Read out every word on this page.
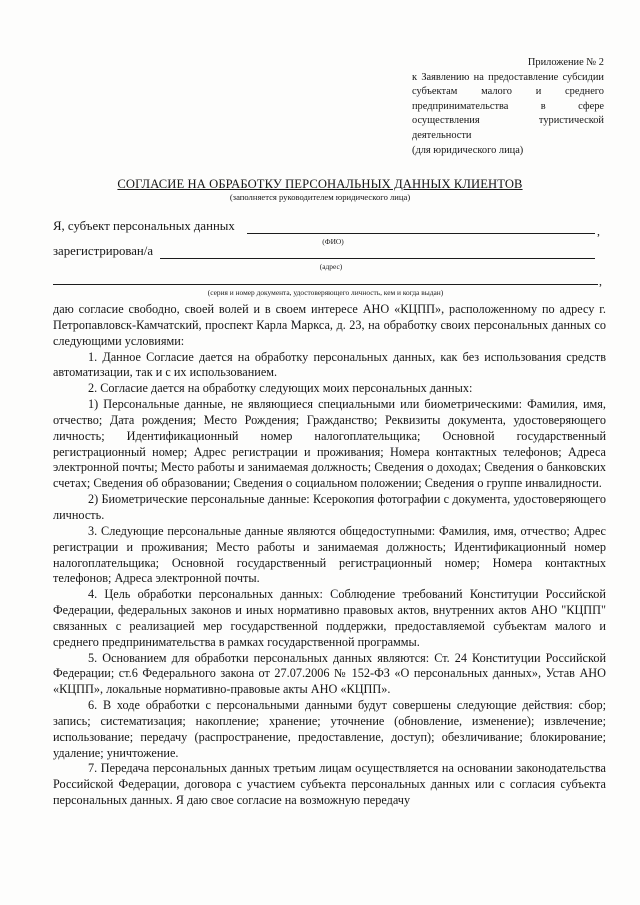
Приложение № 2
к Заявлению на предоставление субсидии субъектам малого и среднего предпринимательства в сфере осуществления туристической деятельности
(для юридического лица)
СОГЛАСИЕ НА ОБРАБОТКУ ПЕРСОНАЛЬНЫХ ДАННЫХ КЛИЕНТОВ
(заполняется руководителем юридического лица)
Я, субъект персональных данных	,
(ФИО)
зарегистрирован/а
(адрес)
,
(серия и номер документа, удостоверяющего личность, кем и когда выдан)

даю согласие свободно, своей волей и в своем интересе АНО «КЦПП», расположенному по адресу г. Петропавловск-Камчатский, проспект Карла Маркса, д. 23, на обработку своих персональных данных со следующими условиями:

1. Данное Согласие дается на обработку персональных данных, как без использования средств автоматизации, так и с их использованием.

2. Согласие дается на обработку следующих моих персональных данных:

1) Персональные данные, не являющиеся специальными или биометрическими: Фамилия, имя, отчество; Дата рождения; Место Рождения; Гражданство; Реквизиты документа, удостоверяющего личность; Идентификационный номер налогоплательщика; Основной государственный регистрационный номер; Адрес регистрации и проживания; Номера контактных телефонов; Адреса электронной почты; Место работы и занимаемая должность; Сведения о доходах; Сведения о банковских счетах; Сведения об образовании; Сведения о социальном положении; Сведения о группе инвалидности.

2) Биометрические персональные данные: Ксерокопия фотографии с документа, удостоверяющего личность.

3. Следующие персональные данные являются общедоступными: Фамилия, имя, отчество; Адрес регистрации и проживания; Место работы и занимаемая должность; Идентификационный номер налогоплательщика; Основной государственный регистрационный номер; Номера контактных телефонов; Адреса электронной почты.

4. Цель обработки персональных данных: Соблюдение требований Конституции Российской Федерации, федеральных законов и иных нормативно правовых актов, внутренних актов АНО "КЦПП" связанных с реализацией мер государственной поддержки, предоставляемой субъектам малого и среднего предпринимательства в рамках государственной программы.

5. Основанием для обработки персональных данных являются: Ст. 24 Конституции Российской Федерации; ст.6 Федерального закона от 27.07.2006 № 152-ФЗ «О персональных данных», Устав АНО «КЦПП», локальные нормативно-правовые акты АНО «КЦПП».

6. В ходе обработки с персональными данными будут совершены следующие действия: сбор; запись; систематизация; накопление; хранение; уточнение (обновление, изменение); извлечение; использование; передачу (распространение, предоставление, доступ); обезличивание; блокирование; удаление; уничтожение.

7. Передача персональных данных третьим лицам осуществляется на основании законодательства Российской Федерации, договора с участием субъекта персональных данных или с согласия субъекта персональных данных. Я даю свое согласие на возможную передачу
